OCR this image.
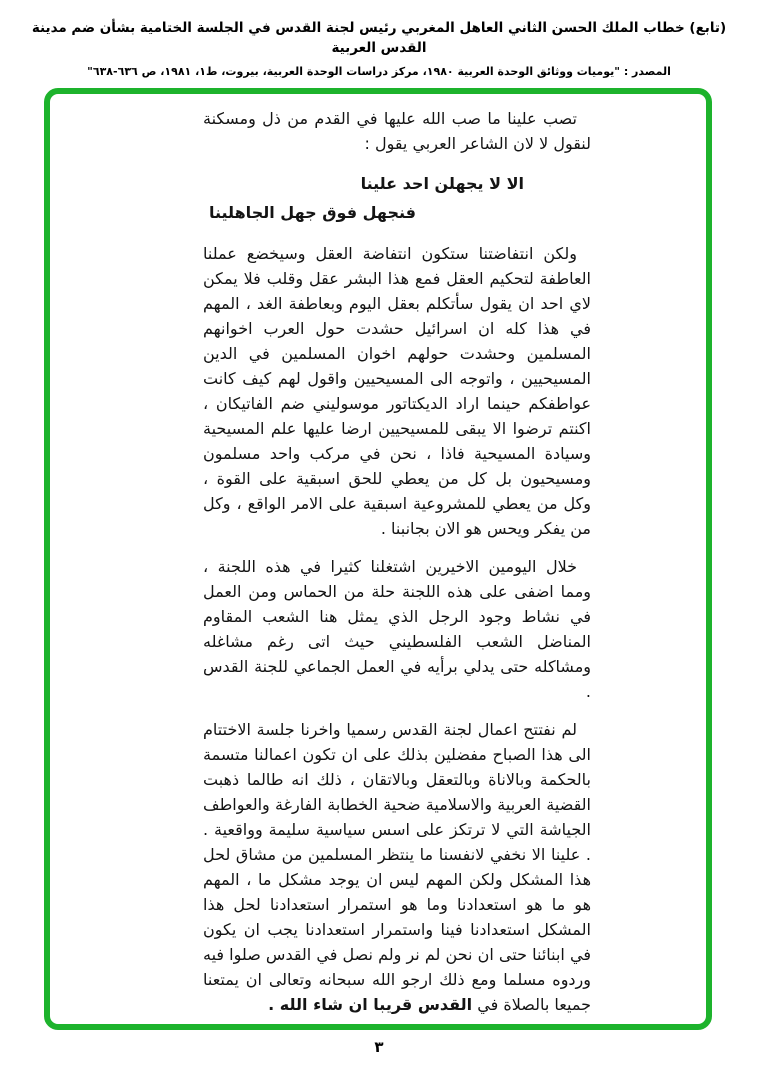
(تابع) خطاب الملك الحسن الثاني العاهل المغربي رئيس لجنة القدس في الجلسة الختامية بشأن ضم مدينة القدس العربية
المصدر : "يوميات ووثائق الوحدة العربية ١٩٨٠، مركز دراسات الوحدة العربية، بيروت، ط١، ١٩٨١، ص ٦٣٦-٦٣٨"

تصب علينا ما صب الله عليها في القدم من ذل ومسكنة لنقول لا لان الشاعر العربي يقول :

الا لا يجهلن احد علينا
فنجهل فوق جهل الجاهلينا

ولكن انتفاضتنا ستكون انتفاضة العقل وسيخضع عملنا العاطفة لتحكيم العقل فمع هذا البشر عقل وقلب فلا يمكن لاي احد ان يقول سأتكلم بعقل اليوم وبعاطفة الغد ، المهم في هذا كله ان اسرائيل حشدت حول العرب اخوانهم المسلمين وحشدت حولهم اخوان المسلمين في الدين المسيحيين ، واتوجه الى المسيحيين واقول لهم كيف كانت عواطفكم حينما اراد الديكتاتور موسوليني ضم الفاتيكان ، اكنتم ترضوا الا يبقى للمسيحيين ارضا عليها علم المسيحية وسيادة المسيحية فاذا ، نحن في مركب واحد مسلمون ومسيحيون بل كل من يعطي للحق اسبقية على القوة ، وكل من يعطي للمشروعية اسبقية على الامر الواقع ، وكل من يفكر ويحس هو الان بجانبنا .

خلال اليومين الاخيرين اشتغلنا كثيرا في هذه اللجنة ، ومما اضفى على هذه اللجنة حلة من الحماس ومن العمل في نشاط وجود الرجل الذي يمثل هنا الشعب المقاوم المناضل الشعب الفلسطيني حيث اتى رغم مشاغله ومشاكله حتى يدلي برأيه في العمل الجماعي للجنة القدس .

لم نفتتح اعمال لجنة القدس رسميا واخرنا جلسة الاختتام الى هذا الصباح مفضلين بذلك على ان تكون اعمالنا متسمة بالحكمة وبالاناة وبالتعقل وبالاتقان ، ذلك انه طالما ذهبت القضية العربية والاسلامية ضحية الخطابة الفارغة والعواطف الجياشة التي لا ترتكز على اسس سياسية سليمة وواقعية . . علينا الا نخفي لانفسنا ما ينتظر المسلمين من مشاق لحل هذا المشكل ولكن المهم ليس ان يوجد مشكل ما ، المهم هو ما هو استعدادنا وما هو استمرار استعدادنا لحل هذا المشكل استعدادنا فينا واستمرار استعدادنا يجب ان يكون في ابنائنا حتى ان نحن لم نر ولم نصل في القدس صلوا فيه وردوه مسلما ومع ذلك ارجو الله سبحانه وتعالى ان يمتعنا جميعا بالصلاة في القدس قريبا ان شاء الله .

٣
